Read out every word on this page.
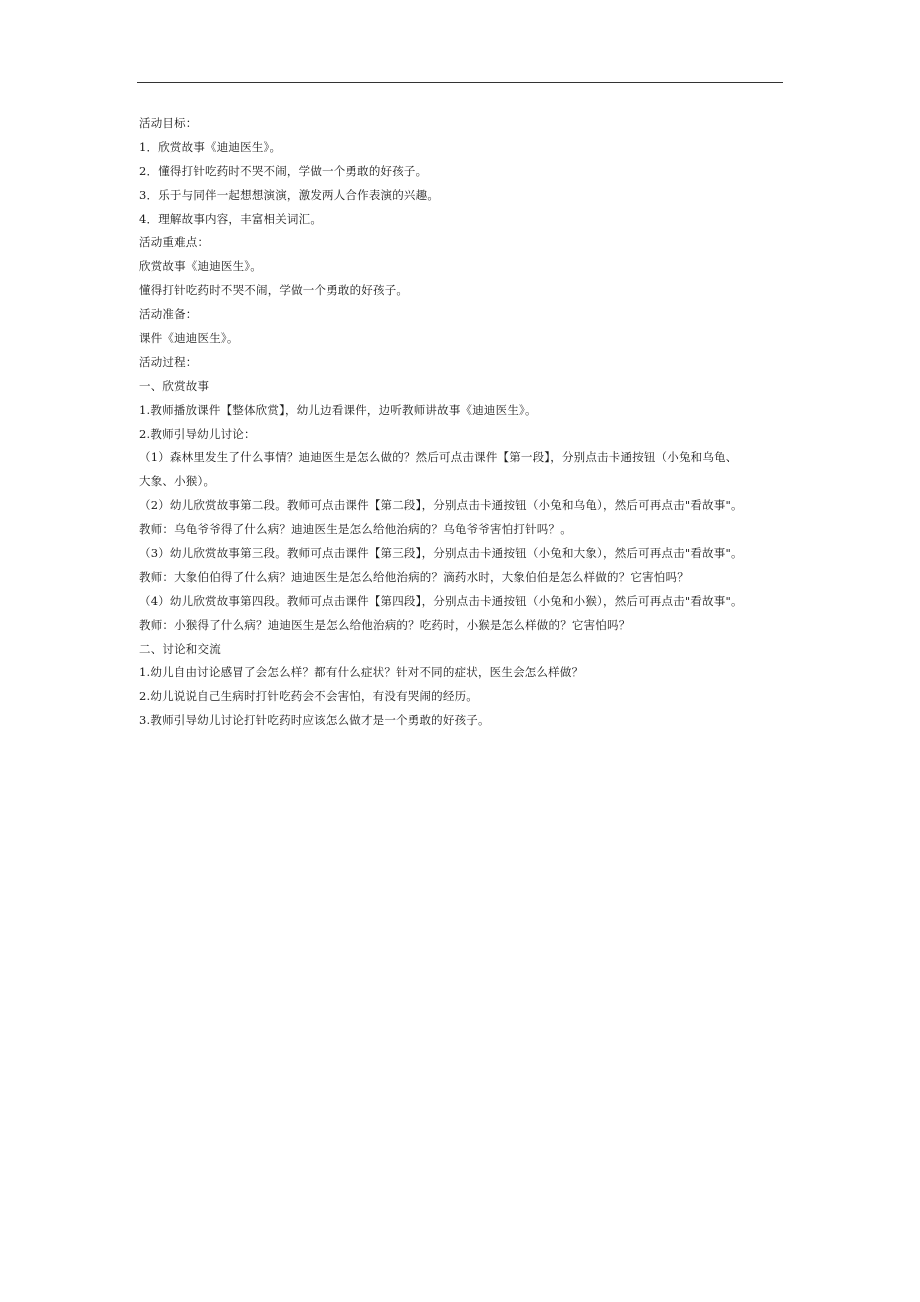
活动目标：
1．欣赏故事《迪迪医生》。
2．懂得打针吃药时不哭不闹，学做一个勇敢的好孩子。
3．乐于与同伴一起想想演演，激发两人合作表演的兴趣。
4．理解故事内容，丰富相关词汇。
活动重难点：
欣赏故事《迪迪医生》。
懂得打针吃药时不哭不闹，学做一个勇敢的好孩子。
活动准备：
课件《迪迪医生》。
活动过程：
一、欣赏故事
1.教师播放课件【整体欣赏】，幼儿边看课件，边听教师讲故事《迪迪医生》。
2.教师引导幼儿讨论：
（1）森林里发生了什么事情？迪迪医生是怎么做的？然后可点击课件【第一段】，分别点击卡通按钮（小兔和乌龟、
大象、小猴）。
（2）幼儿欣赏故事第二段。教师可点击课件【第二段】，分别点击卡通按钮（小兔和乌龟），然后可再点击"看故事"。
教师：乌龟爷爷得了什么病？迪迪医生是怎么给他治病的？乌龟爷爷害怕打针吗？。
（3）幼儿欣赏故事第三段。教师可点击课件【第三段】，分别点击卡通按钮（小兔和大象），然后可再点击"看故事"。
教师：大象伯伯得了什么病？迪迪医生是怎么给他治病的？滴药水时，大象伯伯是怎么样做的？它害怕吗？
（4）幼儿欣赏故事第四段。教师可点击课件【第四段】，分别点击卡通按钮（小兔和小猴），然后可再点击"看故事"。
教师：小猴得了什么病？迪迪医生是怎么给他治病的？吃药时，小猴是怎么样做的？它害怕吗？
二、讨论和交流
1.幼儿自由讨论感冒了会怎么样？都有什么症状？针对不同的症状，医生会怎么样做？
2.幼儿说说自己生病时打针吃药会不会害怕，有没有哭闹的经历。
3.教师引导幼儿讨论打针吃药时应该怎么做才是一个勇敢的好孩子。
